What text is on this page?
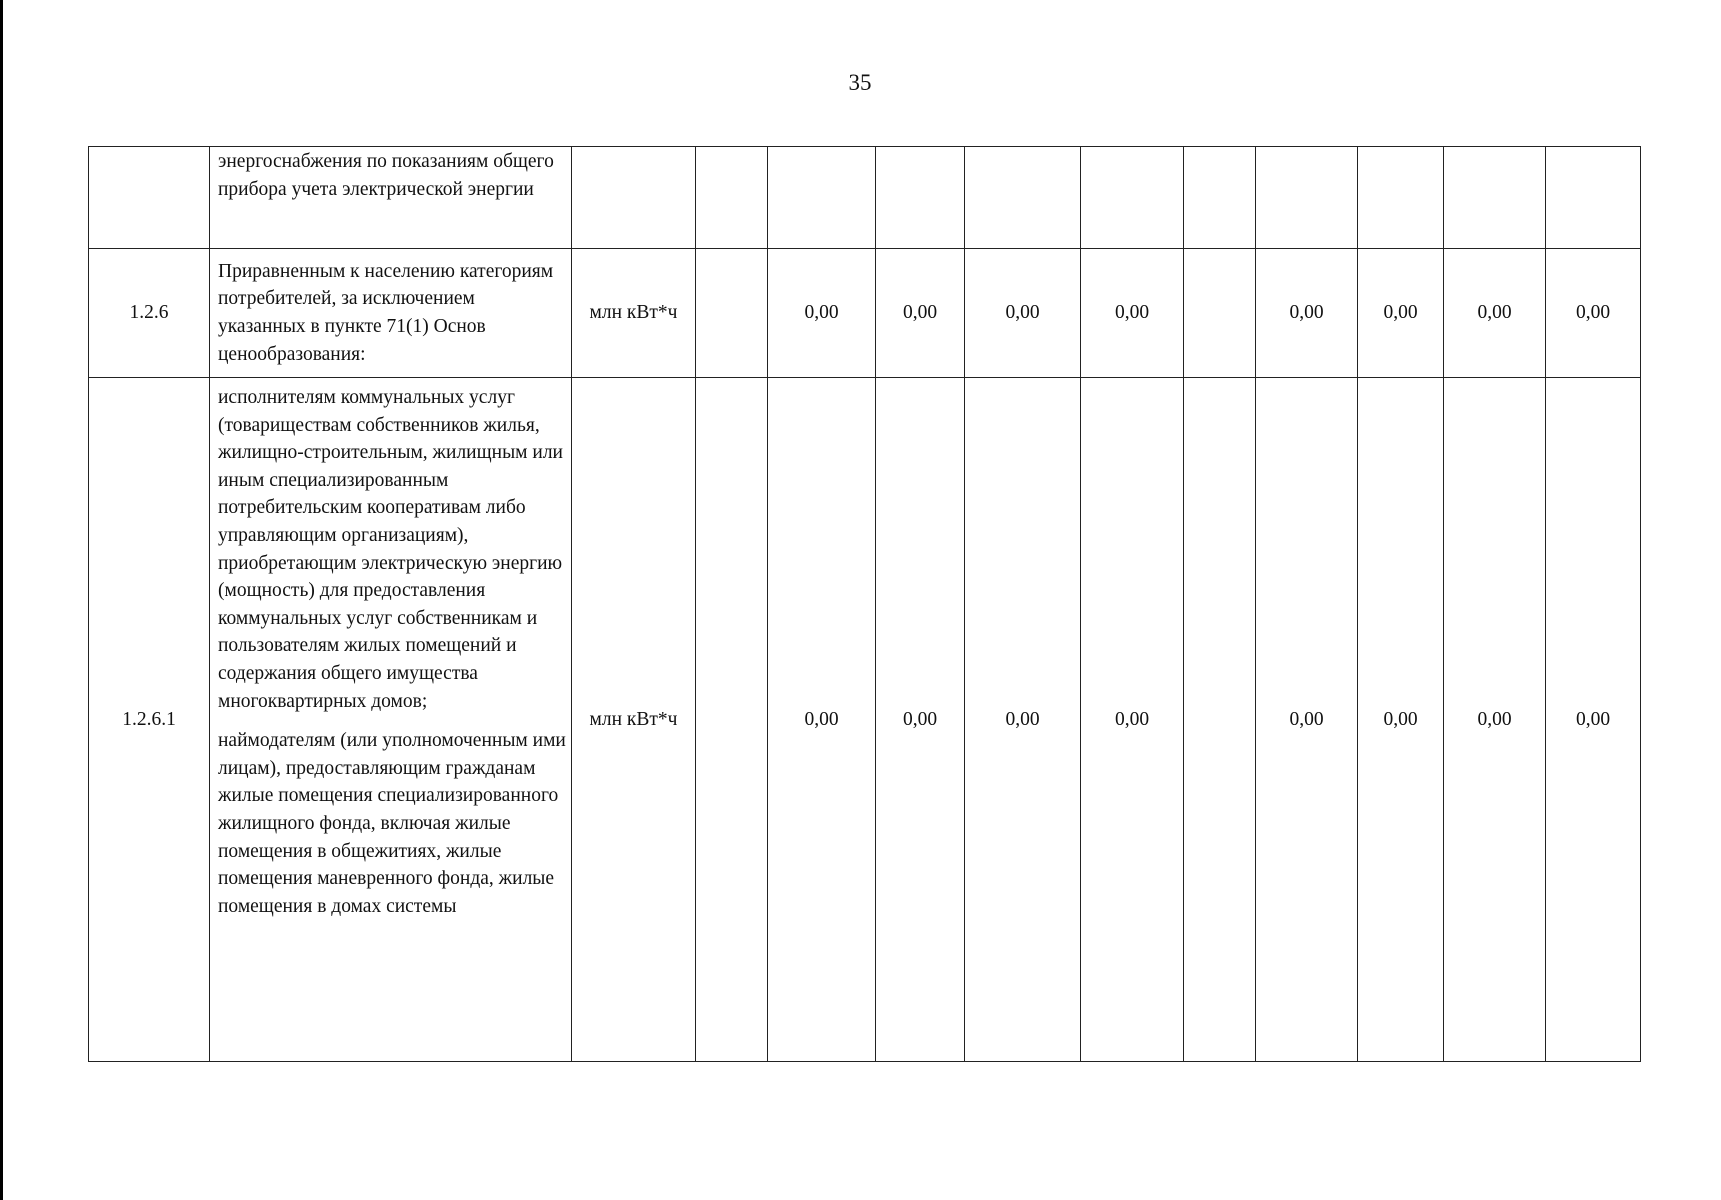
35

	энергоснабжения по показаниям общего прибора учета электрической энергии											

1.2.6	Приравненным к населению категориям потребителей, за исключением указанных в пункте 71(1) Основ ценообразования:	млн кВт*ч		0,00	0,00	0,00	0,00		0,00	0,00	0,00	0,00
1.2.6.1	исполнителям коммунальных услуг (товариществам собственников жилья, жилищно-строительным, жилищным или иным специализированным потребительским кооперативам либо управляющим организациям), приобретающим электрическую энергию (мощность) для предоставления коммунальных услуг собственникам и пользователям жилых помещений и содержания общего имущества многоквартирных домов;
наймодателям (или уполномоченным ими лицам), предоставляющим гражданам жилые помещения специализированного жилищного фонда, включая жилые помещения в общежитиях, жилые помещения маневренного фонда, жилые помещения в домах системы	млн кВт*ч		0,00	0,00	0,00	0,00		0,00	0,00	0,00	0,00
